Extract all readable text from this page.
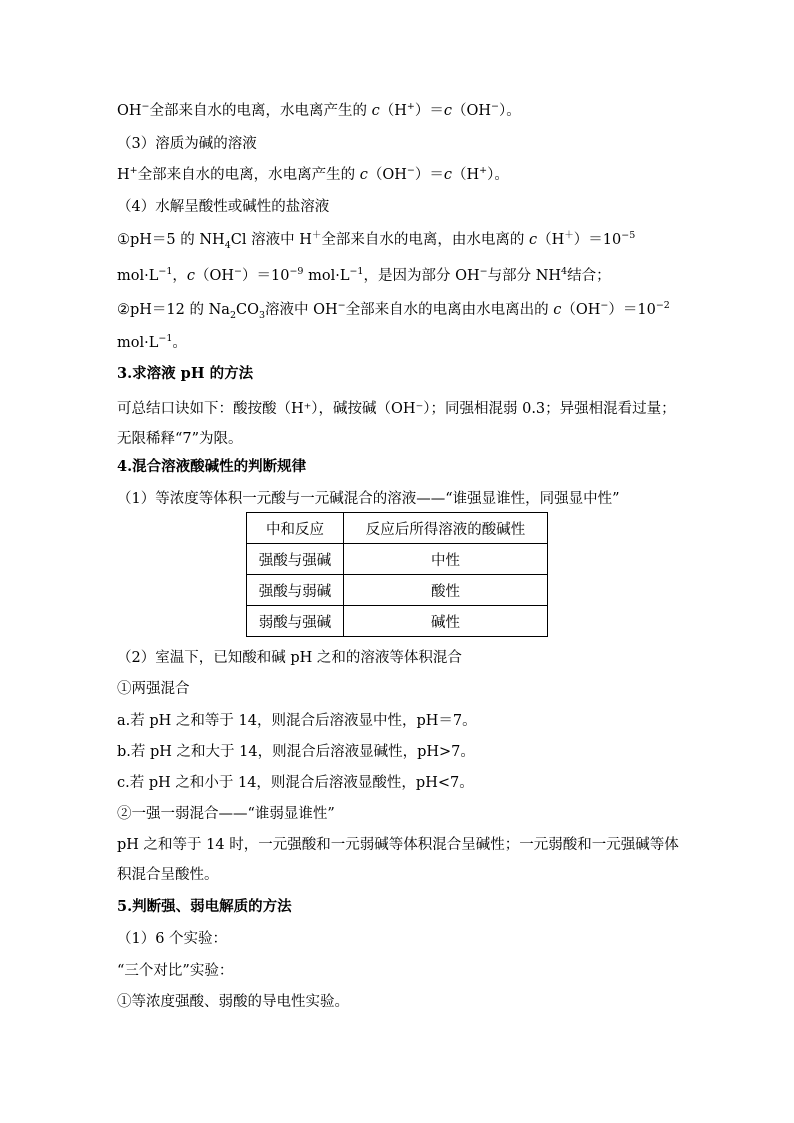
OH−全部来自水的电离，水电离产生的 c（H+）＝c（OH−）。
（3）溶质为碱的溶液
H+全部来自水的电离，水电离产生的 c（OH−）＝c（H+）。
（4）水解呈酸性或碱性的盐溶液
①pH＝5 的 $NH_4Cl$ 溶液中 H＋全部来自水的电离，由水电离的 $c(H^+)=10^{-5}$
$mol\cdot L^{-1}$，$c(OH^-)=10^{-9}$ $mol\cdot L^{-1}$，是因为部分 OH−与部分 $NH^4$结合；
②pH＝12 的 $Na_2CO_3$溶液中 OH−全部来自水的电离由水电离出的 $c(OH^-)=10^{-2}$
$mol\cdot L^{-1}$。
3.求溶液 pH 的方法
可总结口诀如下：酸按酸（H⁺），碱按碱（OH⁻）；同强相混弱 0.3；异强相混看过量；无限稀释“7”为限。
4.混合溶液酸碱性的判断规律
（1）等浓度等体积一元酸与一元碱混合的溶液——“谁强显谁性，同强显中性”
中和反应	反应后所得溶液的酸碱性
强酸与强碱	中性
强酸与弱碱	酸性
弱酸与强碱	碱性
（2）室温下，已知酸和碱 pH 之和的溶液等体积混合
①两强混合
a.若 pH 之和等于 14，则混合后溶液显中性，pH＝7。
b.若 pH 之和大于 14，则混合后溶液显碱性，pH>7。
c.若 pH 之和小于 14，则混合后溶液显酸性，pH<7。
②一强一弱混合——“谁弱显谁性”
pH 之和等于 14 时，一元强酸和一元弱碱等体积混合呈碱性；一元弱酸和一元强碱等体积混合呈酸性。
5.判断强、弱电解质的方法
（1）6 个实验：
“三个对比”实验：
①等浓度强酸、弱酸的导电性实验。
